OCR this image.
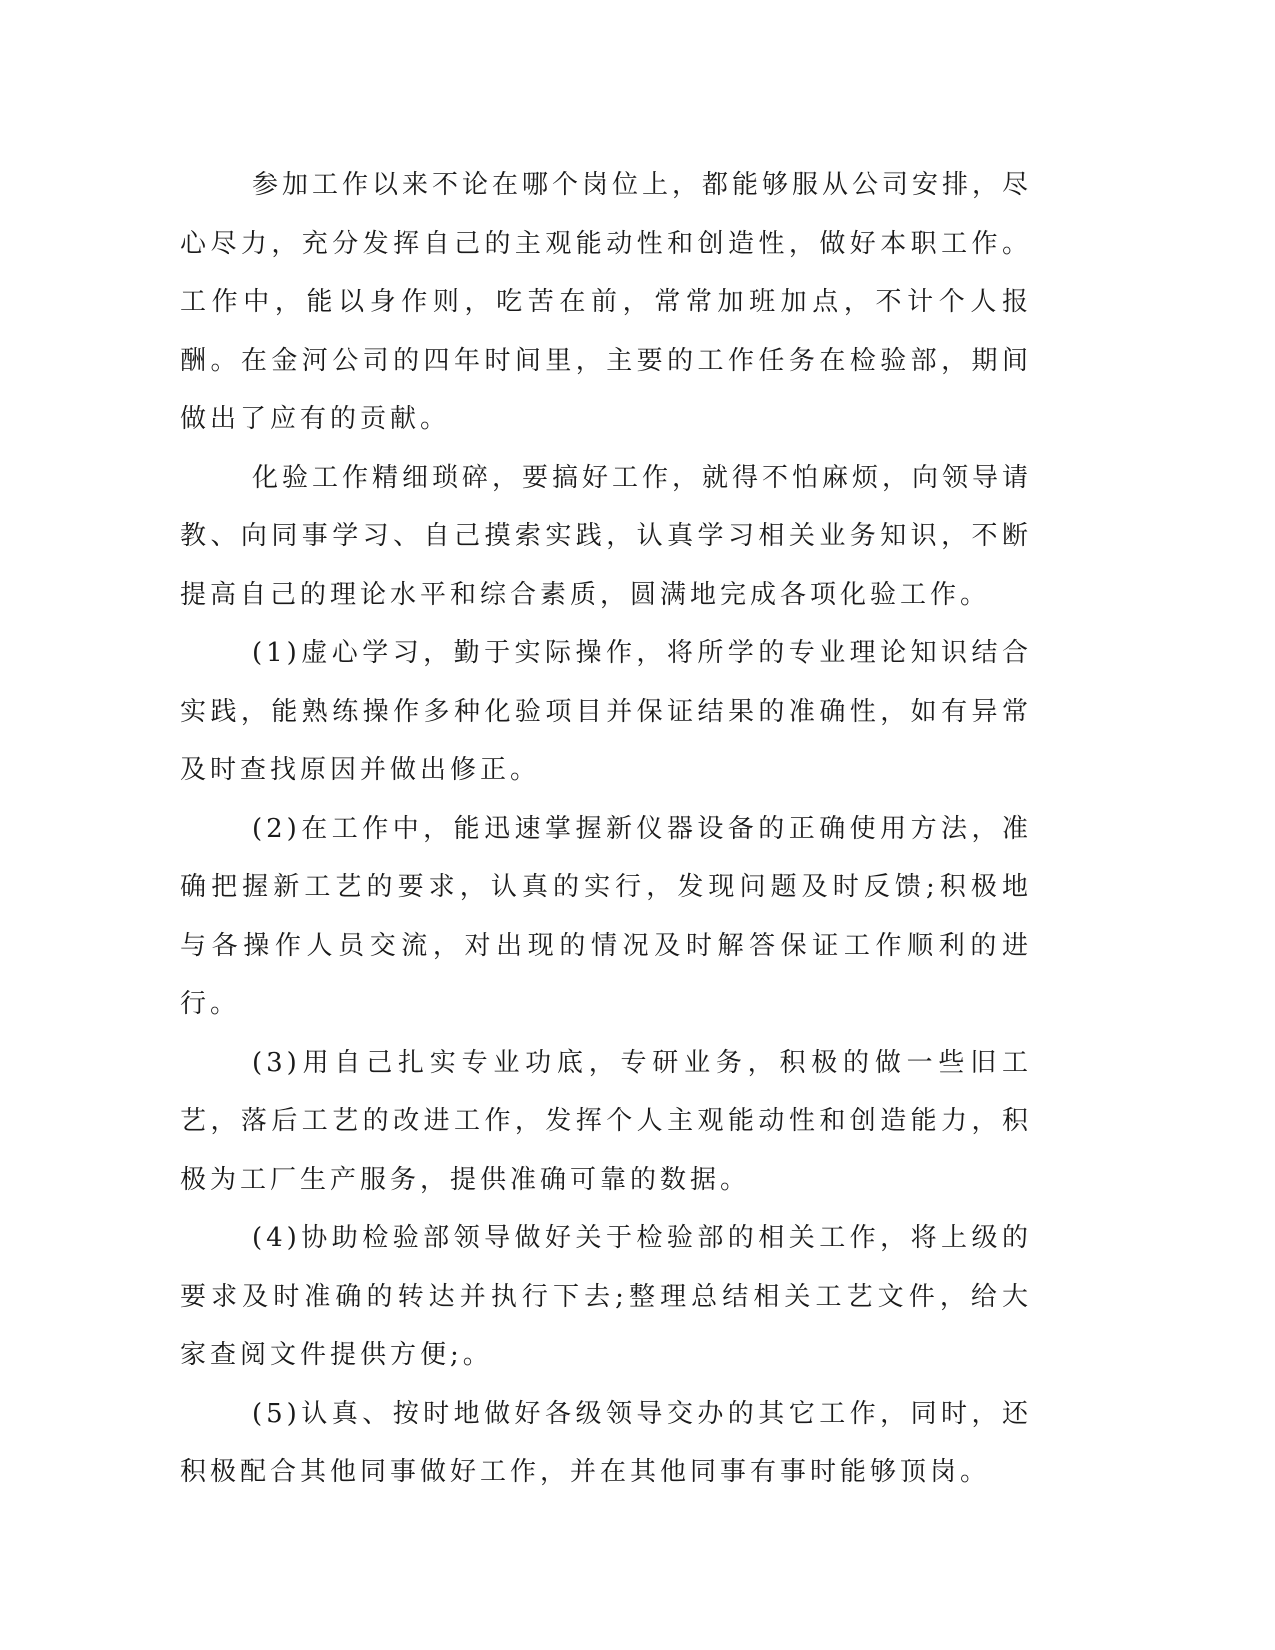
参加工作以来不论在哪个岗位上，都能够服从公司安排，尽心尽力，充分发挥自己的主观能动性和创造性，做好本职工作。工作中，能以身作则，吃苦在前，常常加班加点，不计个人报酬。在金河公司的四年时间里，主要的工作任务在检验部，期间做出了应有的贡献。

化验工作精细琐碎，要搞好工作，就得不怕麻烦，向领导请教、向同事学习、自己摸索实践，认真学习相关业务知识，不断提高自己的理论水平和综合素质，圆满地完成各项化验工作。

(1)虚心学习，勤于实际操作，将所学的专业理论知识结合实践，能熟练操作多种化验项目并保证结果的准确性，如有异常及时查找原因并做出修正。

(2)在工作中，能迅速掌握新仪器设备的正确使用方法，准确把握新工艺的要求，认真的实行，发现问题及时反馈;积极地与各操作人员交流，对出现的情况及时解答保证工作顺利的进行。

(3)用自己扎实专业功底，专研业务，积极的做一些旧工艺，落后工艺的改进工作，发挥个人主观能动性和创造能力，积极为工厂生产服务，提供准确可靠的数据。

(4)协助检验部领导做好关于检验部的相关工作，将上级的要求及时准确的转达并执行下去;整理总结相关工艺文件，给大家查阅文件提供方便;。

(5)认真、按时地做好各级领导交办的其它工作，同时，还积极配合其他同事做好工作，并在其他同事有事时能够顶岗。
